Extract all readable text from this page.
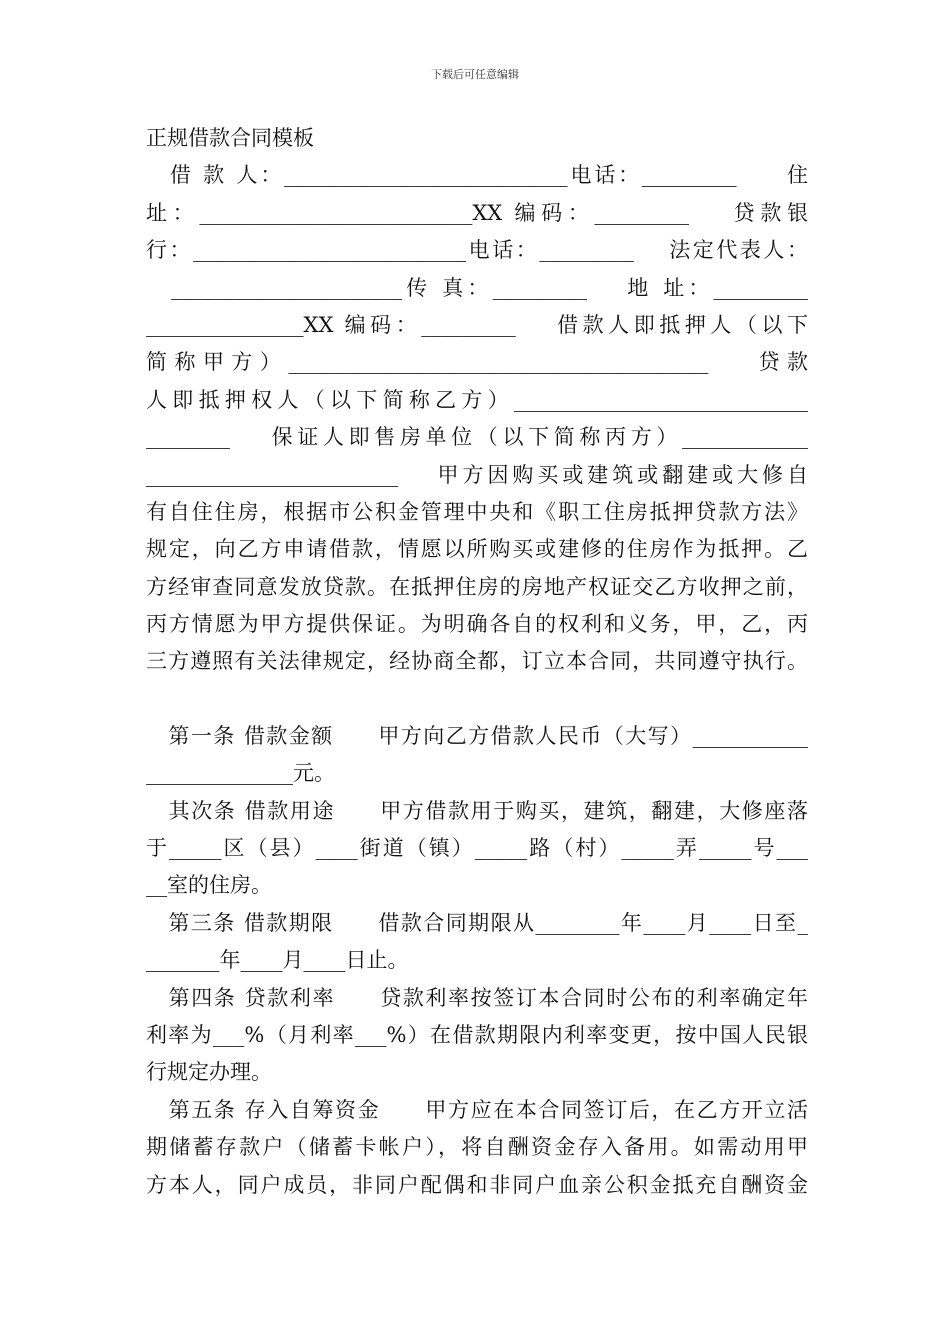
下载后可任意编辑
正规借款合同模板
　借 款 人：___________________________电话：_________　　住
址：__________________________XX 编码：_________　 贷款银
行：__________________________电话：_________　 法定代表人：
　______________________传 真：_________　 地 址：_________
_______________XX 编码：_________　 借款人即抵押人（以下
简称甲方）________________________________________　 贷款
人即抵押权人（以下简称乙方）____________________________
________　 保证人即售房单位（以下简称丙方）____________
________________________　 甲方因购买或建筑或翻建或大修自
有自住住房，根据市公积金管理中央和《职工住房抵押贷款方法》
规定，向乙方申请借款，情愿以所购买或建修的住房作为抵押。乙
方经审查同意发放贷款。在抵押住房的房地产权证交乙方收押之前，
丙方情愿为甲方提供保证。为明确各自的权利和义务，甲，乙，丙
三方遵照有关法律规定，经协商全都，订立本合同，共同遵守执行。
　第一条 借款金额　　甲方向乙方借款人民币（大写）___________
______________元。
　其次条 借款用途　　甲方借款用于购买，建筑，翻建，大修座落
于_____区（县）____街道（镇）_____路（村）_____弄_____号___
__室的住房。
　第三条 借款期限　　借款合同期限从________年____月____日至_
_______年____月____日止。
　第四条 贷款利率　　贷款利率按签订本合同时公布的利率确定年
利率为___%（月利率___%）在借款期限内利率变更，按中国人民银
行规定办理。
　第五条 存入自筹资金　　甲方应在本合同签订后，在乙方开立活
期储蓄存款户（储蓄卡帐户），将自酬资金存入备用。如需动用甲
方本人，同户成员，非同户配偶和非同户血亲公积金抵充自酬资金
